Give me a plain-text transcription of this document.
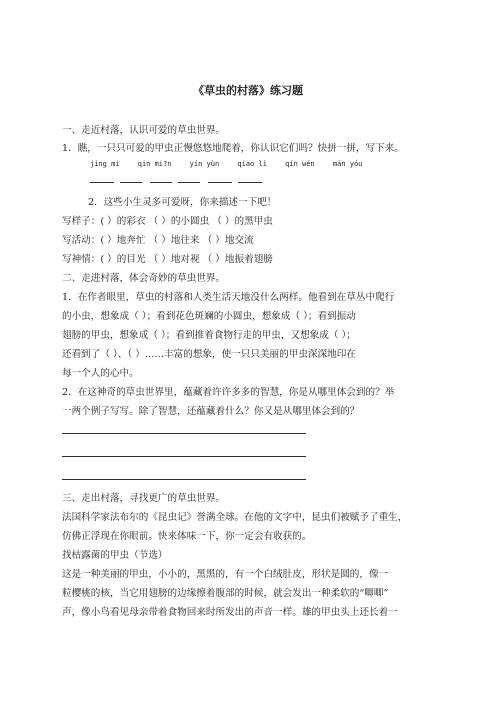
《草虫的村落》练习题
一、走近村落，认识可爱的草虫世界。
1．瞧，一只只可爱的甲虫正慢悠悠地爬着，你认识它们吗？快拼一拼，写下来。
jing mi	qin mi?n	yín yùn	qiao lì	qín wén	mán yóu
2．这些小生灵多可爱呀，你来描述一下吧！
写样子：( ）的彩衣 （ ）的小圆虫 （ ）的黑甲虫
写活动：( ）地奔忙 （ ）地往来 （ ）地交流
写神情：( ）的目光 （ ）地对视 （ ）地振着翅膀
二、走进村落，体会奇妙的草虫世界。
1．在作者眼里，草虫的村落和人类生活天地没什么两样。他看到在草丛中爬行
的小虫，想象成（ ）；看到花色斑斓的小圆虫，想象成（ ）；看到振动
翅膀的甲虫，想象成（ ）；看到推着食物行走的甲虫，又想象成（ ）；
还看到了（ ）、（ ）……丰富的想象，使一只只美丽的甲虫深深地印在
每一个人的心中。
2．在这神奇的草虫世界里，蕴藏着许许多多的智慧，你是从哪里体会到的？举
一两个例子写写。除了智慧，还蕴藏着什么？你又是从哪里体会到的？
三、走出村落，寻找更广的草虫世界。
法国科学家法布尔的《昆虫记》誉满全球。在他的文字中，昆虫们被赋予了重生，
仿佛正浮现在你眼前。快来体味一下，你一定会有收获的。
找枯露菌的甲虫（节选）
这是一种美丽的甲虫，小小的，黑黑的，有一个白绒肚皮，形状是圆的，像一
粒樱桃的核，当它用翅膀的边缘擦着腹部的时候，就会发出一种柔软的“唧唧”
声，像小鸟看见母亲带着食物回来时所发出的声音一样。雄的甲虫头上还长着一
